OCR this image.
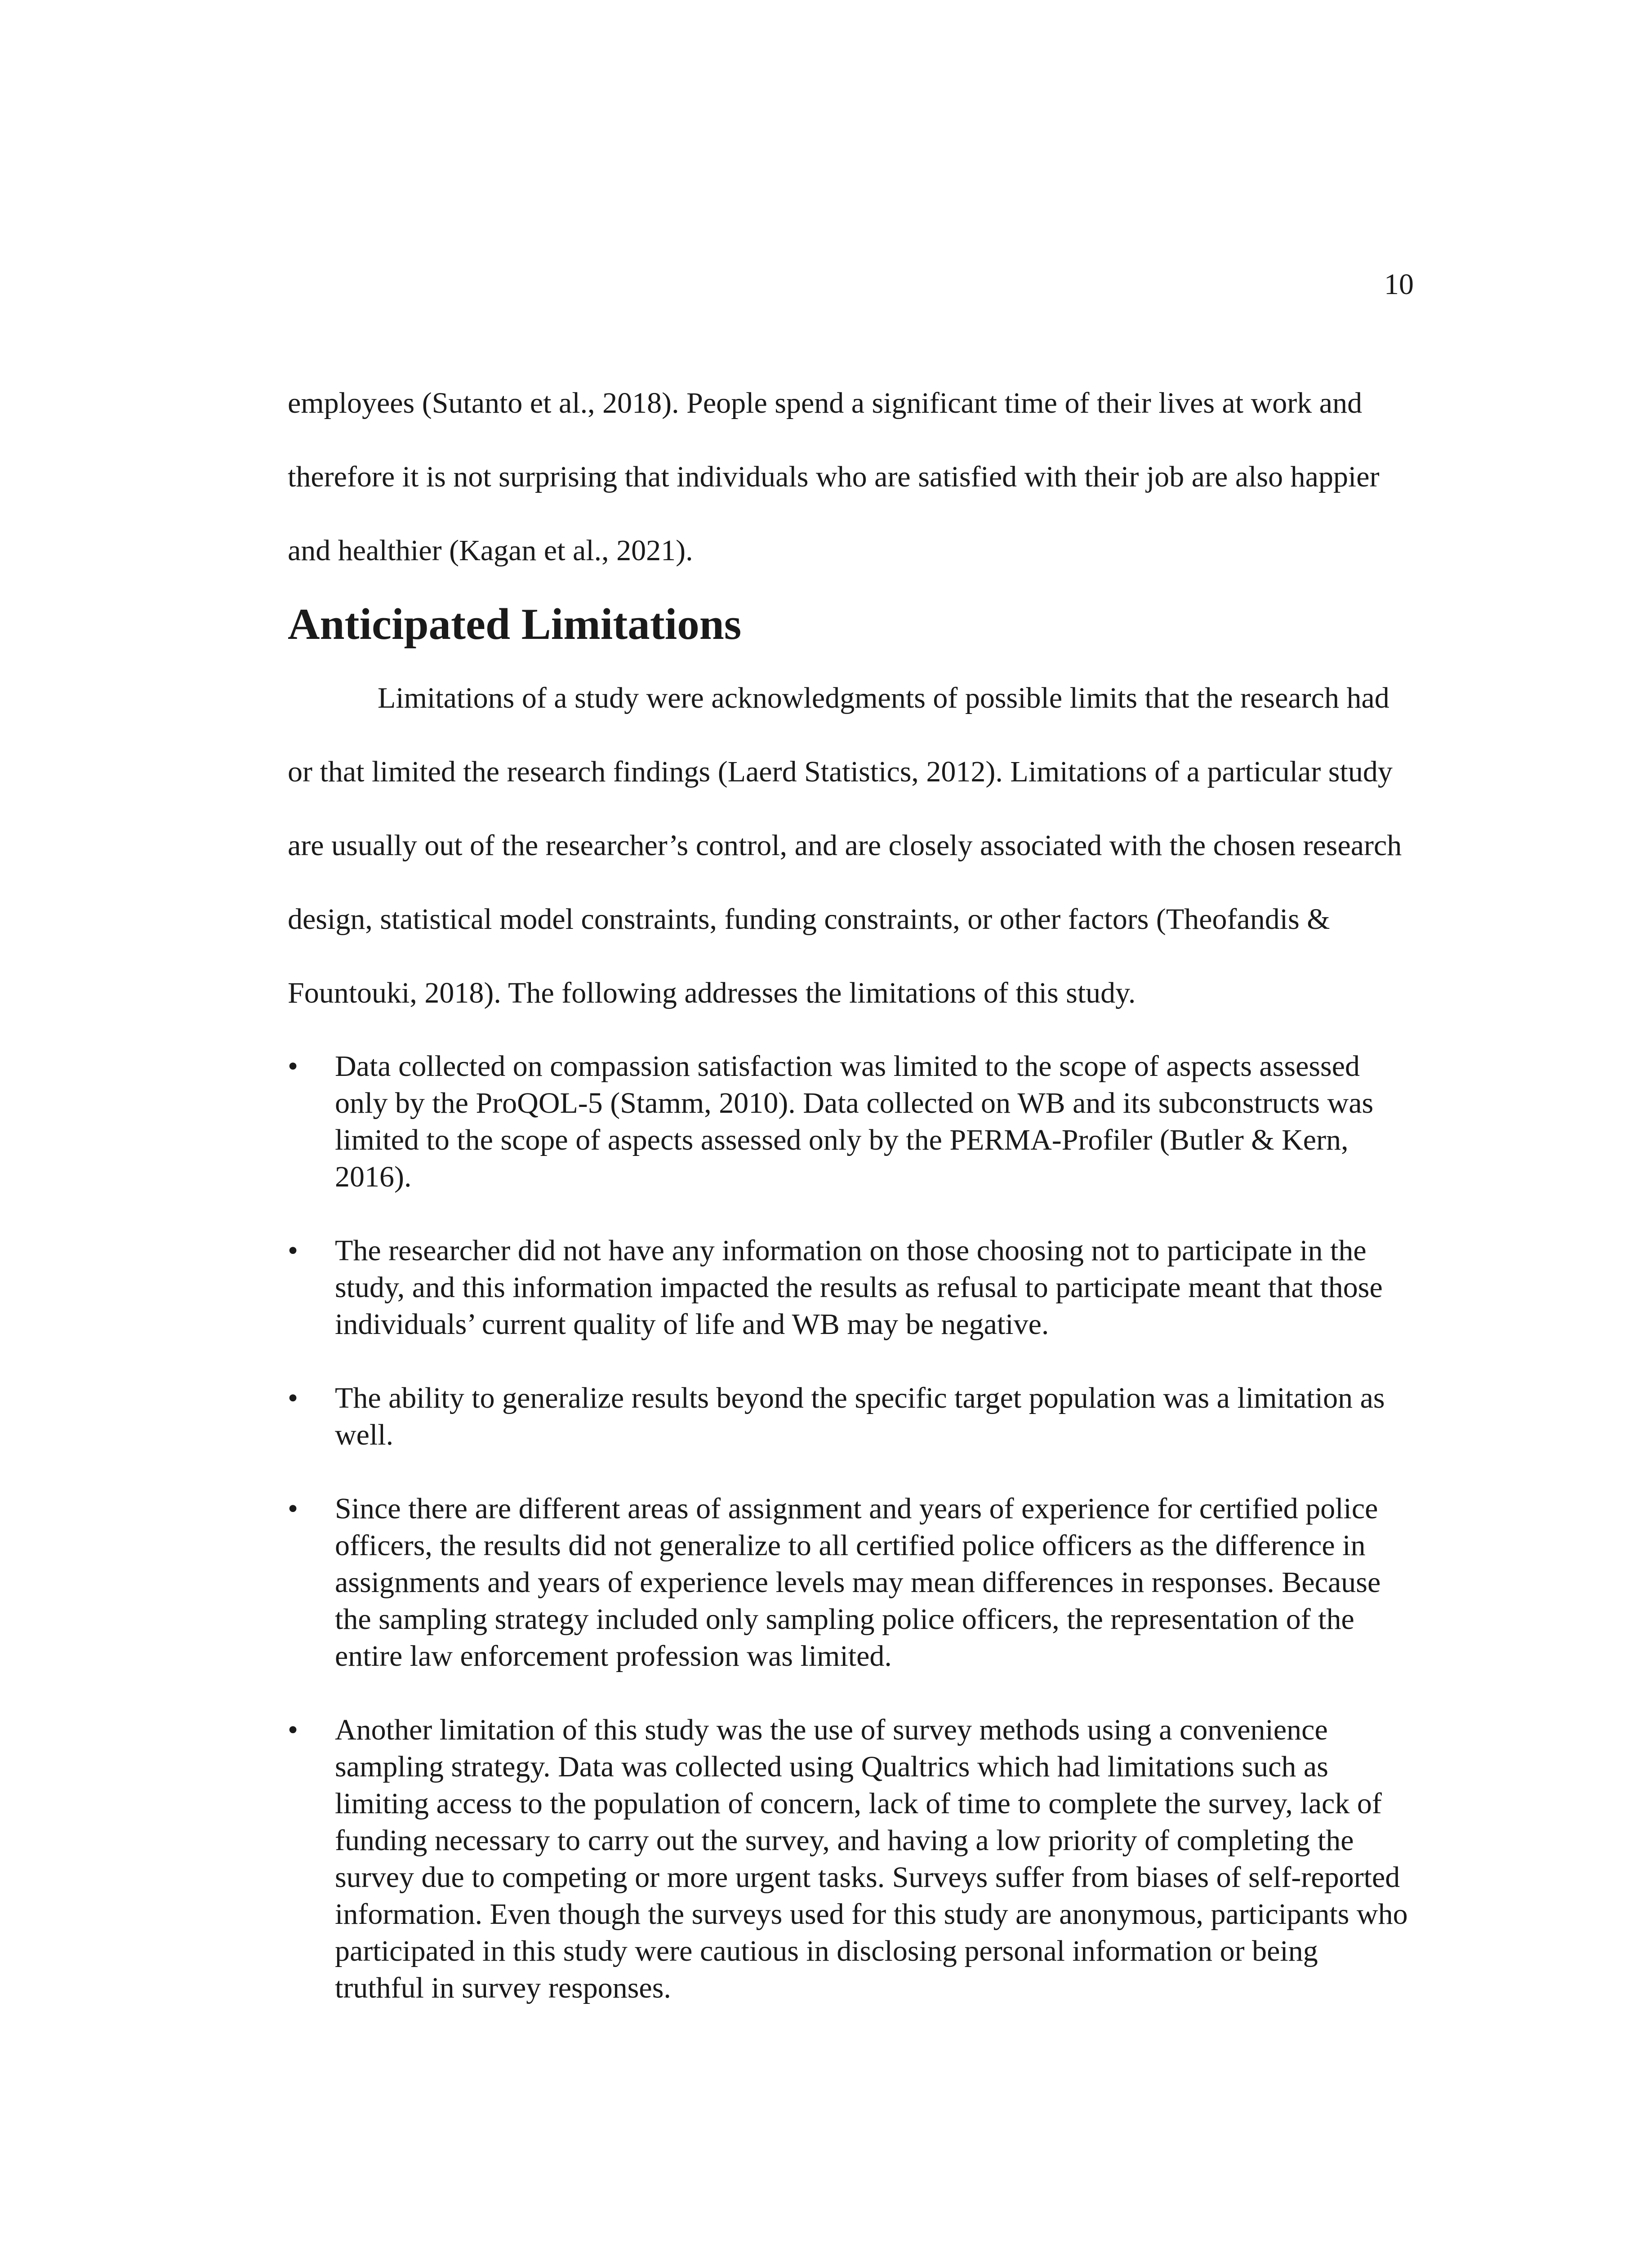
10

employees (Sutanto et al., 2018). People spend a significant time of their lives at work and therefore it is not surprising that individuals who are satisfied with their job are also happier and healthier (Kagan et al., 2021).

Anticipated Limitations

Limitations of a study were acknowledgments of possible limits that the research had or that limited the research findings (Laerd Statistics, 2012). Limitations of a particular study are usually out of the researcher’s control, and are closely associated with the chosen research design, statistical model constraints, funding constraints, or other factors (Theofandis & Fountouki, 2018). The following addresses the limitations of this study.

•	Data collected on compassion satisfaction was limited to the scope of aspects assessed only by the ProQOL-5 (Stamm, 2010). Data collected on WB and its subconstructs was limited to the scope of aspects assessed only by the PERMA-Profiler (Butler & Kern, 2016).
•	The researcher did not have any information on those choosing not to participate in the study, and this information impacted the results as refusal to participate meant that those individuals’ current quality of life and WB may be negative.
•	The ability to generalize results beyond the specific target population was a limitation as well.
•	Since there are different areas of assignment and years of experience for certified police officers, the results did not generalize to all certified police officers as the difference in assignments and years of experience levels may mean differences in responses. Because the sampling strategy included only sampling police officers, the representation of the entire law enforcement profession was limited.
•	Another limitation of this study was the use of survey methods using a convenience sampling strategy. Data was collected using Qualtrics which had limitations such as limiting access to the population of concern, lack of time to complete the survey, lack of funding necessary to carry out the survey, and having a low priority of completing the survey due to competing or more urgent tasks. Surveys suffer from biases of self-reported information. Even though the surveys used for this study are anonymous, participants who participated in this study were cautious in disclosing personal information or being truthful in survey responses.
